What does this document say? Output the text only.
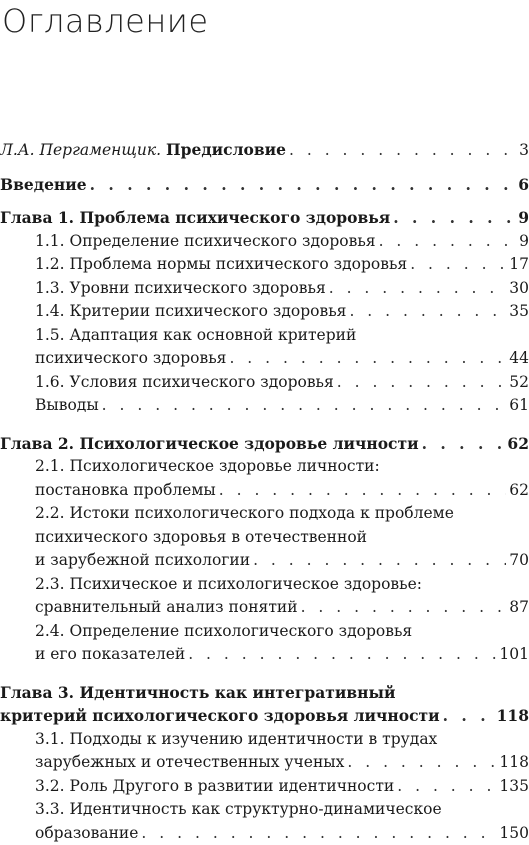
Оглавление
Л.А. Пергаменщик. Предисловие . . .	3
Введение . . .	6
Глава 1. Проблема психического здоровья . . .	9
1.1. Определение психического здоровья . . .	9
1.2. Проблема нормы психического здоровья . . .	17
1.3. Уровни психического здоровья . . .	30
1.4. Критерии психического здоровья . . .	35
1.5. Адаптация как основной критерий
психического здоровья . . .	44
1.6. Условия психического здоровья . . .	52
Выводы . . .	61
Глава 2. Психологическое здоровье личности . . .	62
2.1. Психологическое здоровье личности:
постановка проблемы . . .	62
2.2. Истоки психологического подхода к проблеме
психического здоровья в отечественной
и зарубежной психологии . . .	70
2.3. Психическое и психологическое здоровье:
сравнительный анализ понятий . . .	87
2.4. Определение психологического здоровья
и его показателей . . .	101
Глава 3. Идентичность как интегративный
критерий психологического здоровья личности . . .	118
3.1. Подходы к изучению идентичности в трудах
зарубежных и отечественных ученых . . .	118
3.2. Роль Другого в развитии идентичности . . .	135
3.3. Идентичность как структурно-динамическое
образование . . .	150
